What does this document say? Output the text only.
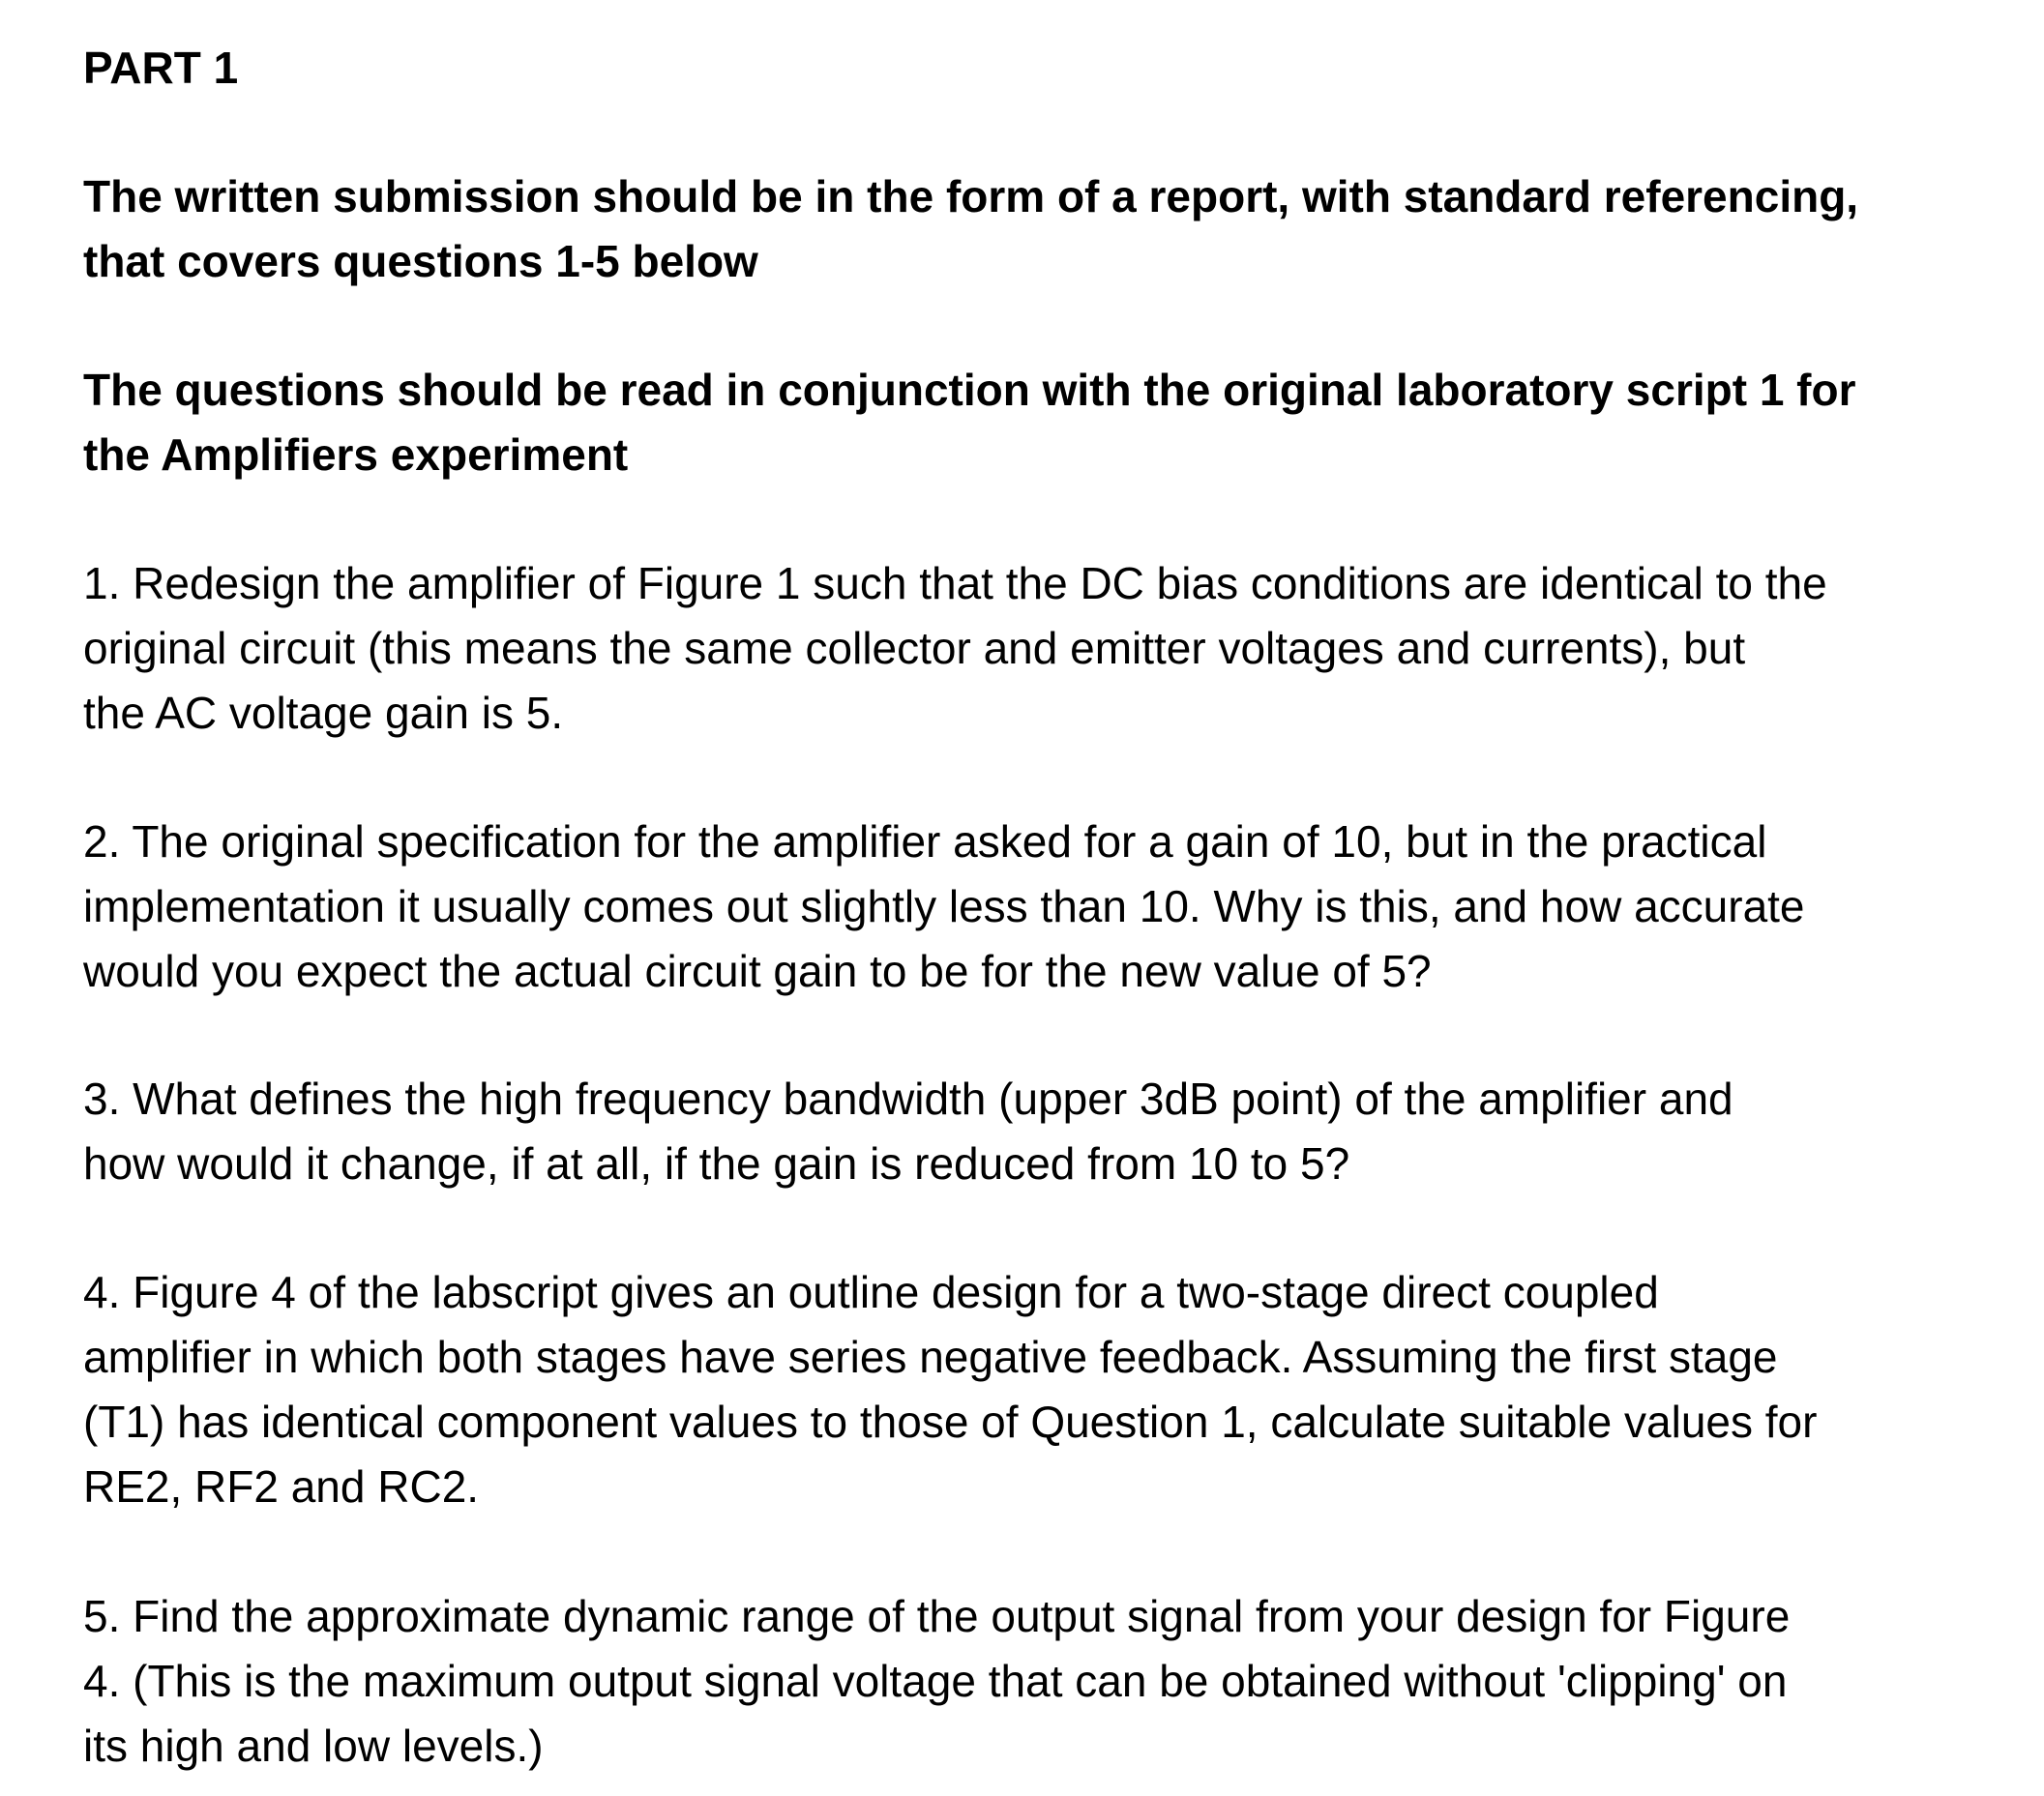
PART 1

The written submission should be in the form of a report, with standard referencing,
that covers questions 1-5 below

The questions should be read in conjunction with the original laboratory script 1 for
the Amplifiers experiment

1. Redesign the amplifier of Figure 1 such that the DC bias conditions are identical to the
original circuit (this means the same collector and emitter voltages and currents), but
the AC voltage gain is 5.

2. The original specification for the amplifier asked for a gain of 10, but in the practical
implementation it usually comes out slightly less than 10. Why is this, and how accurate
would you expect the actual circuit gain to be for the new value of 5?

3. What defines the high frequency bandwidth (upper 3dB point) of the amplifier and
how would it change, if at all, if the gain is reduced from 10 to 5?

4. Figure 4 of the labscript gives an outline design for a two-stage direct coupled
amplifier in which both stages have series negative feedback. Assuming the first stage
(T1) has identical component values to those of Question 1, calculate suitable values for
RE2, RF2 and RC2.

5. Find the approximate dynamic range of the output signal from your design for Figure
4. (This is the maximum output signal voltage that can be obtained without 'clipping' on
its high and low levels.)
